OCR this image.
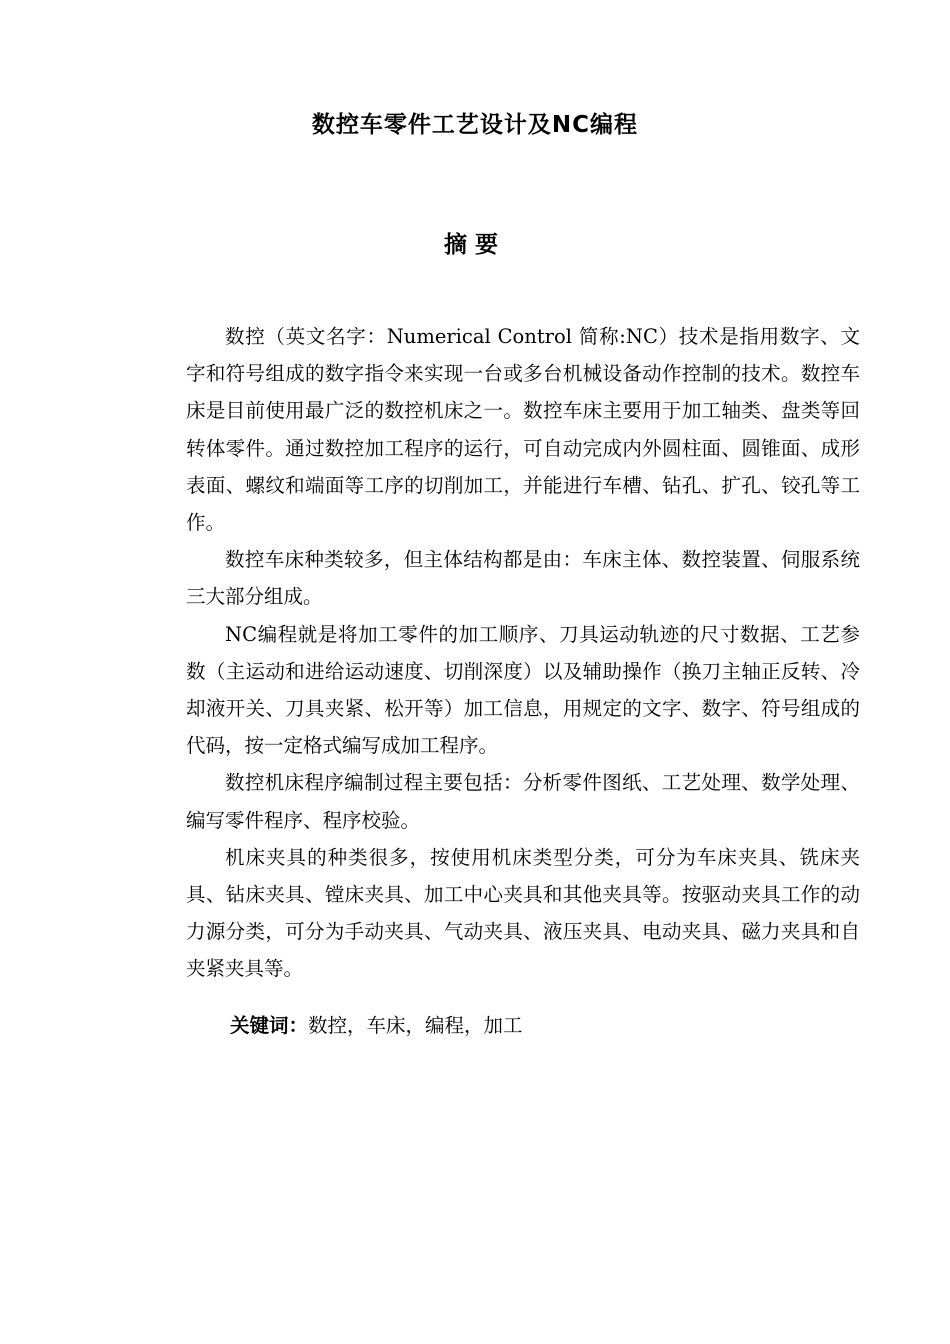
数控车零件工艺设计及NC编程
摘要

数控（英文名字：Numerical Control 简称:NC）技术是指用数字、文字和符号组成的数字指令来实现一台或多台机械设备动作控制的技术。数控车床是目前使用最广泛的数控机床之一。数控车床主要用于加工轴类、盘类等回转体零件。通过数控加工程序的运行，可自动完成内外圆柱面、圆锥面、成形表面、螺纹和端面等工序的切削加工，并能进行车槽、钻孔、扩孔、铰孔等工作。

数控车床种类较多，但主体结构都是由：车床主体、数控装置、伺服系统三大部分组成。

NC编程就是将加工零件的加工顺序、刀具运动轨迹的尺寸数据、工艺参数（主运动和进给运动速度、切削深度）以及辅助操作（换刀主轴正反转、冷却液开关、刀具夹紧、松开等）加工信息，用规定的文字、数字、符号组成的代码，按一定格式编写成加工程序。

数控机床程序编制过程主要包括：分析零件图纸、工艺处理、数学处理、编写零件程序、程序校验。

机床夹具的种类很多，按使用机床类型分类，可分为车床夹具、铣床夹具、钻床夹具、镗床夹具、加工中心夹具和其他夹具等。按驱动夹具工作的动力源分类，可分为手动夹具、气动夹具、液压夹具、电动夹具、磁力夹具和自夹紧夹具等。

关键词：数控，车床，编程，加工
